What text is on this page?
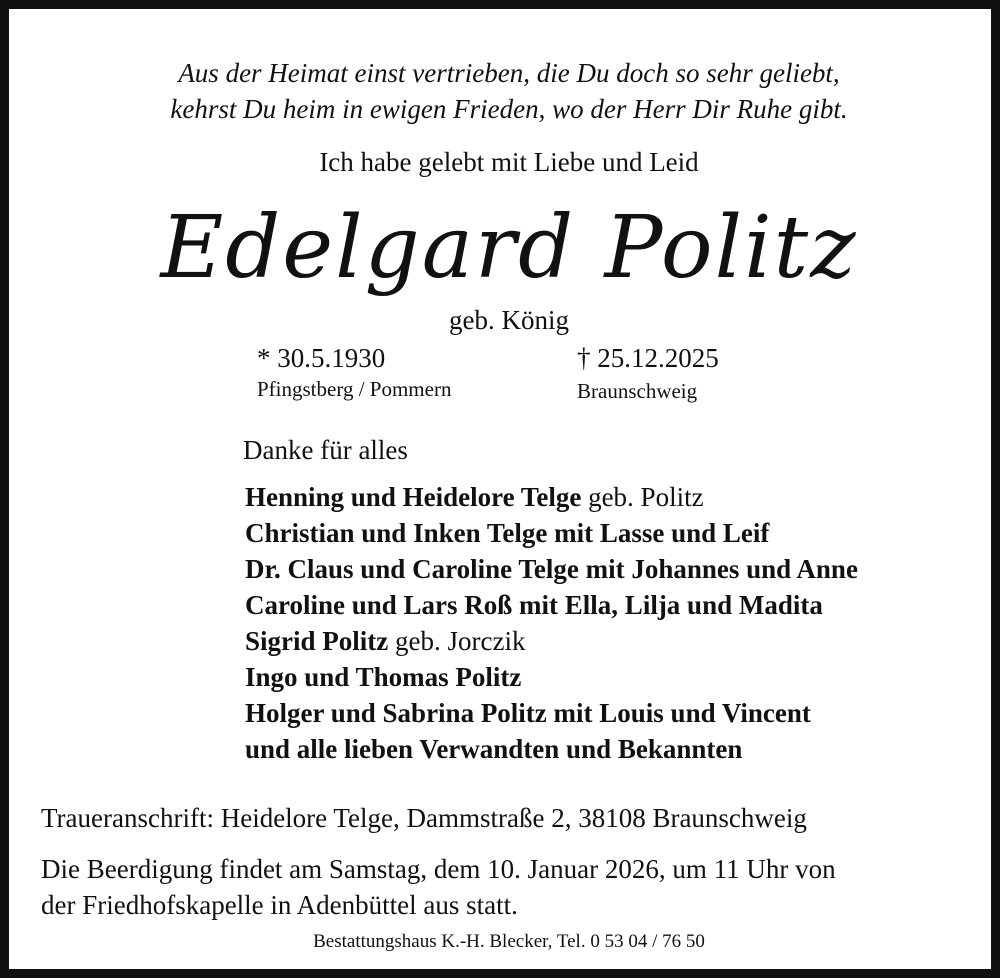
Aus der Heimat einst vertrieben, die Du doch so sehr geliebt,
kehrst Du heim in ewigen Frieden, wo der Herr Dir Ruhe gibt.
Ich habe gelebt mit Liebe und Leid
Edelgard Politz
geb. König
* 30.5.1930
Pfingstberg / Pommern
† 25.12.2025
Braunschweig
Danke für alles
Henning und Heidelore Telge geb. Politz
Christian und Inken Telge mit Lasse und Leif
Dr. Claus und Caroline Telge mit Johannes und Anne
Caroline und Lars Roß mit Ella, Lilja und Madita
Sigrid Politz geb. Jorczik
Ingo und Thomas Politz
Holger und Sabrina Politz mit Louis und Vincent
und alle lieben Verwandten und Bekannten
Traueranschrift: Heidelore Telge, Dammstraße 2, 38108 Braunschweig
Die Beerdigung findet am Samstag, dem 10. Januar 2026, um 11 Uhr von
der Friedhofskapelle in Adenbüttel aus statt.
Bestattungshaus K.-H. Blecker, Tel. 0 53 04 / 76 50
